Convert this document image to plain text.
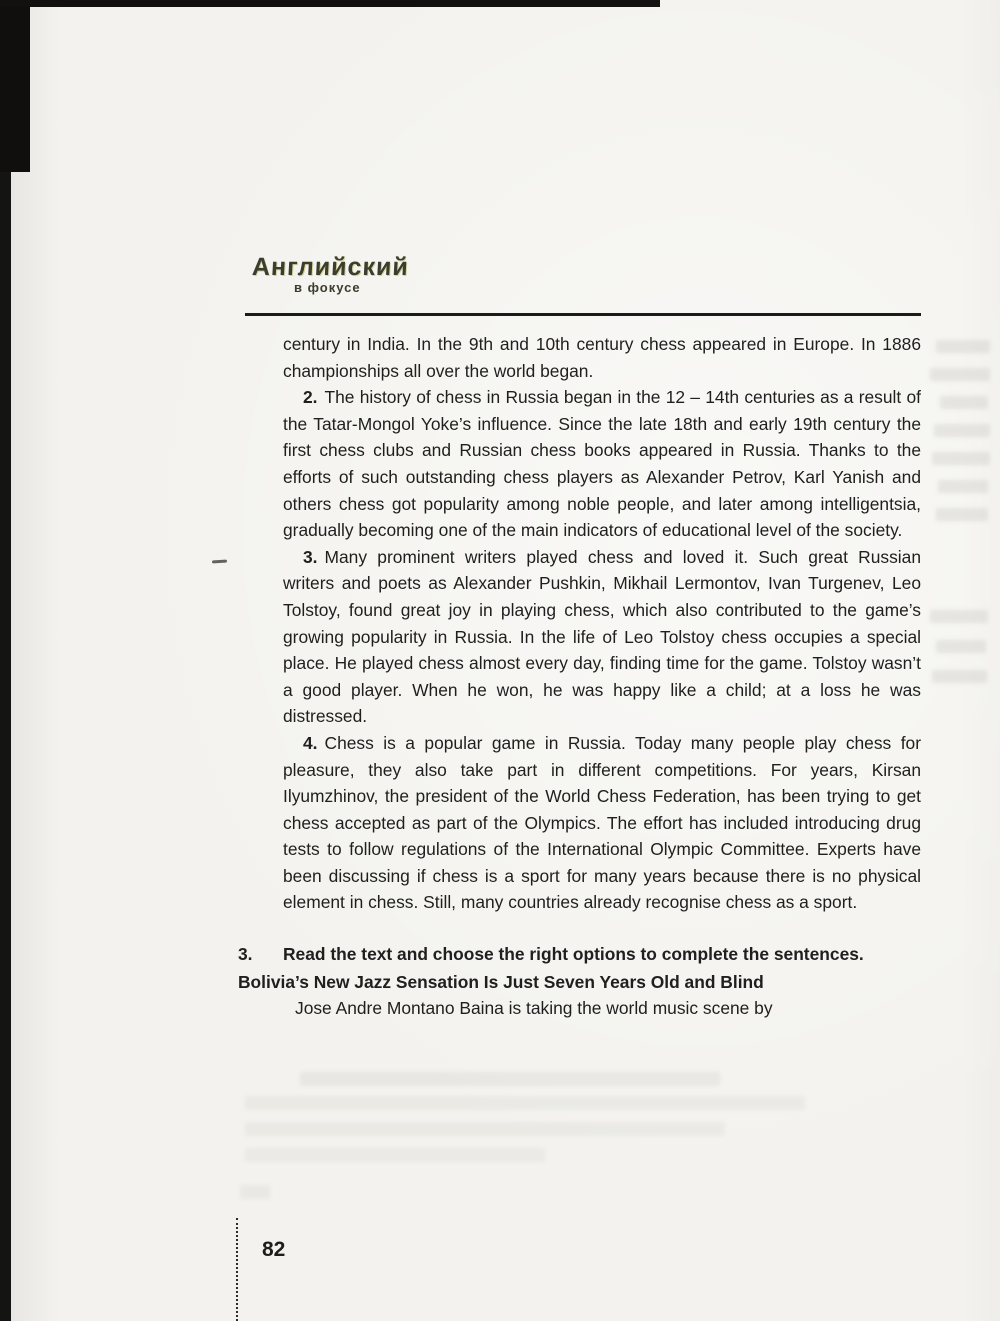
Английский
в фокусе

century in India. In the 9th and 10th century chess appeared in Europe. In 1886 championships all over the world began.

2. The history of chess in Russia began in the 12 – 14th centuries as a result of the Tatar-Mongol Yoke’s influence. Since the late 18th and early 19th century the first chess clubs and Russian chess books appeared in Russia. Thanks to the efforts of such outstanding chess players as Alexander Petrov, Karl Yanish and others chess got popularity among noble people, and later among intelligentsia, gradually becoming one of the main indicators of educational level of the society.

3. Many prominent writers played chess and loved it. Such great Russian writers and poets as Alexander Pushkin, Mikhail Lermontov, Ivan Turgenev, Leo Tolstoy, found great joy in playing chess, which also contributed to the game’s growing popularity in Russia. In the life of Leo Tolstoy chess occupies a special place. He played chess almost every day, finding time for the game. Tolstoy wasn’t a good player. When he won, he was happy like a child; at a loss he was distressed.

4. Chess is a popular game in Russia. Today many people play chess for pleasure, they also take part in different competitions. For years, Kirsan Ilyumzhinov, the president of the World Chess Federation, has been trying to get chess accepted as part of the Olympics. The effort has included introducing drug tests to follow regulations of the International Olympic Committee. Experts have been discussing if chess is a sport for many years because there is no physical element in chess. Still, many countries already recognise chess as a sport.

3.	Read the text and choose the right options to complete the sentences.
Bolivia’s New Jazz Sensation Is Just Seven Years Old and Blind

Jose Andre Montano Baina is taking the world music scene by

82
